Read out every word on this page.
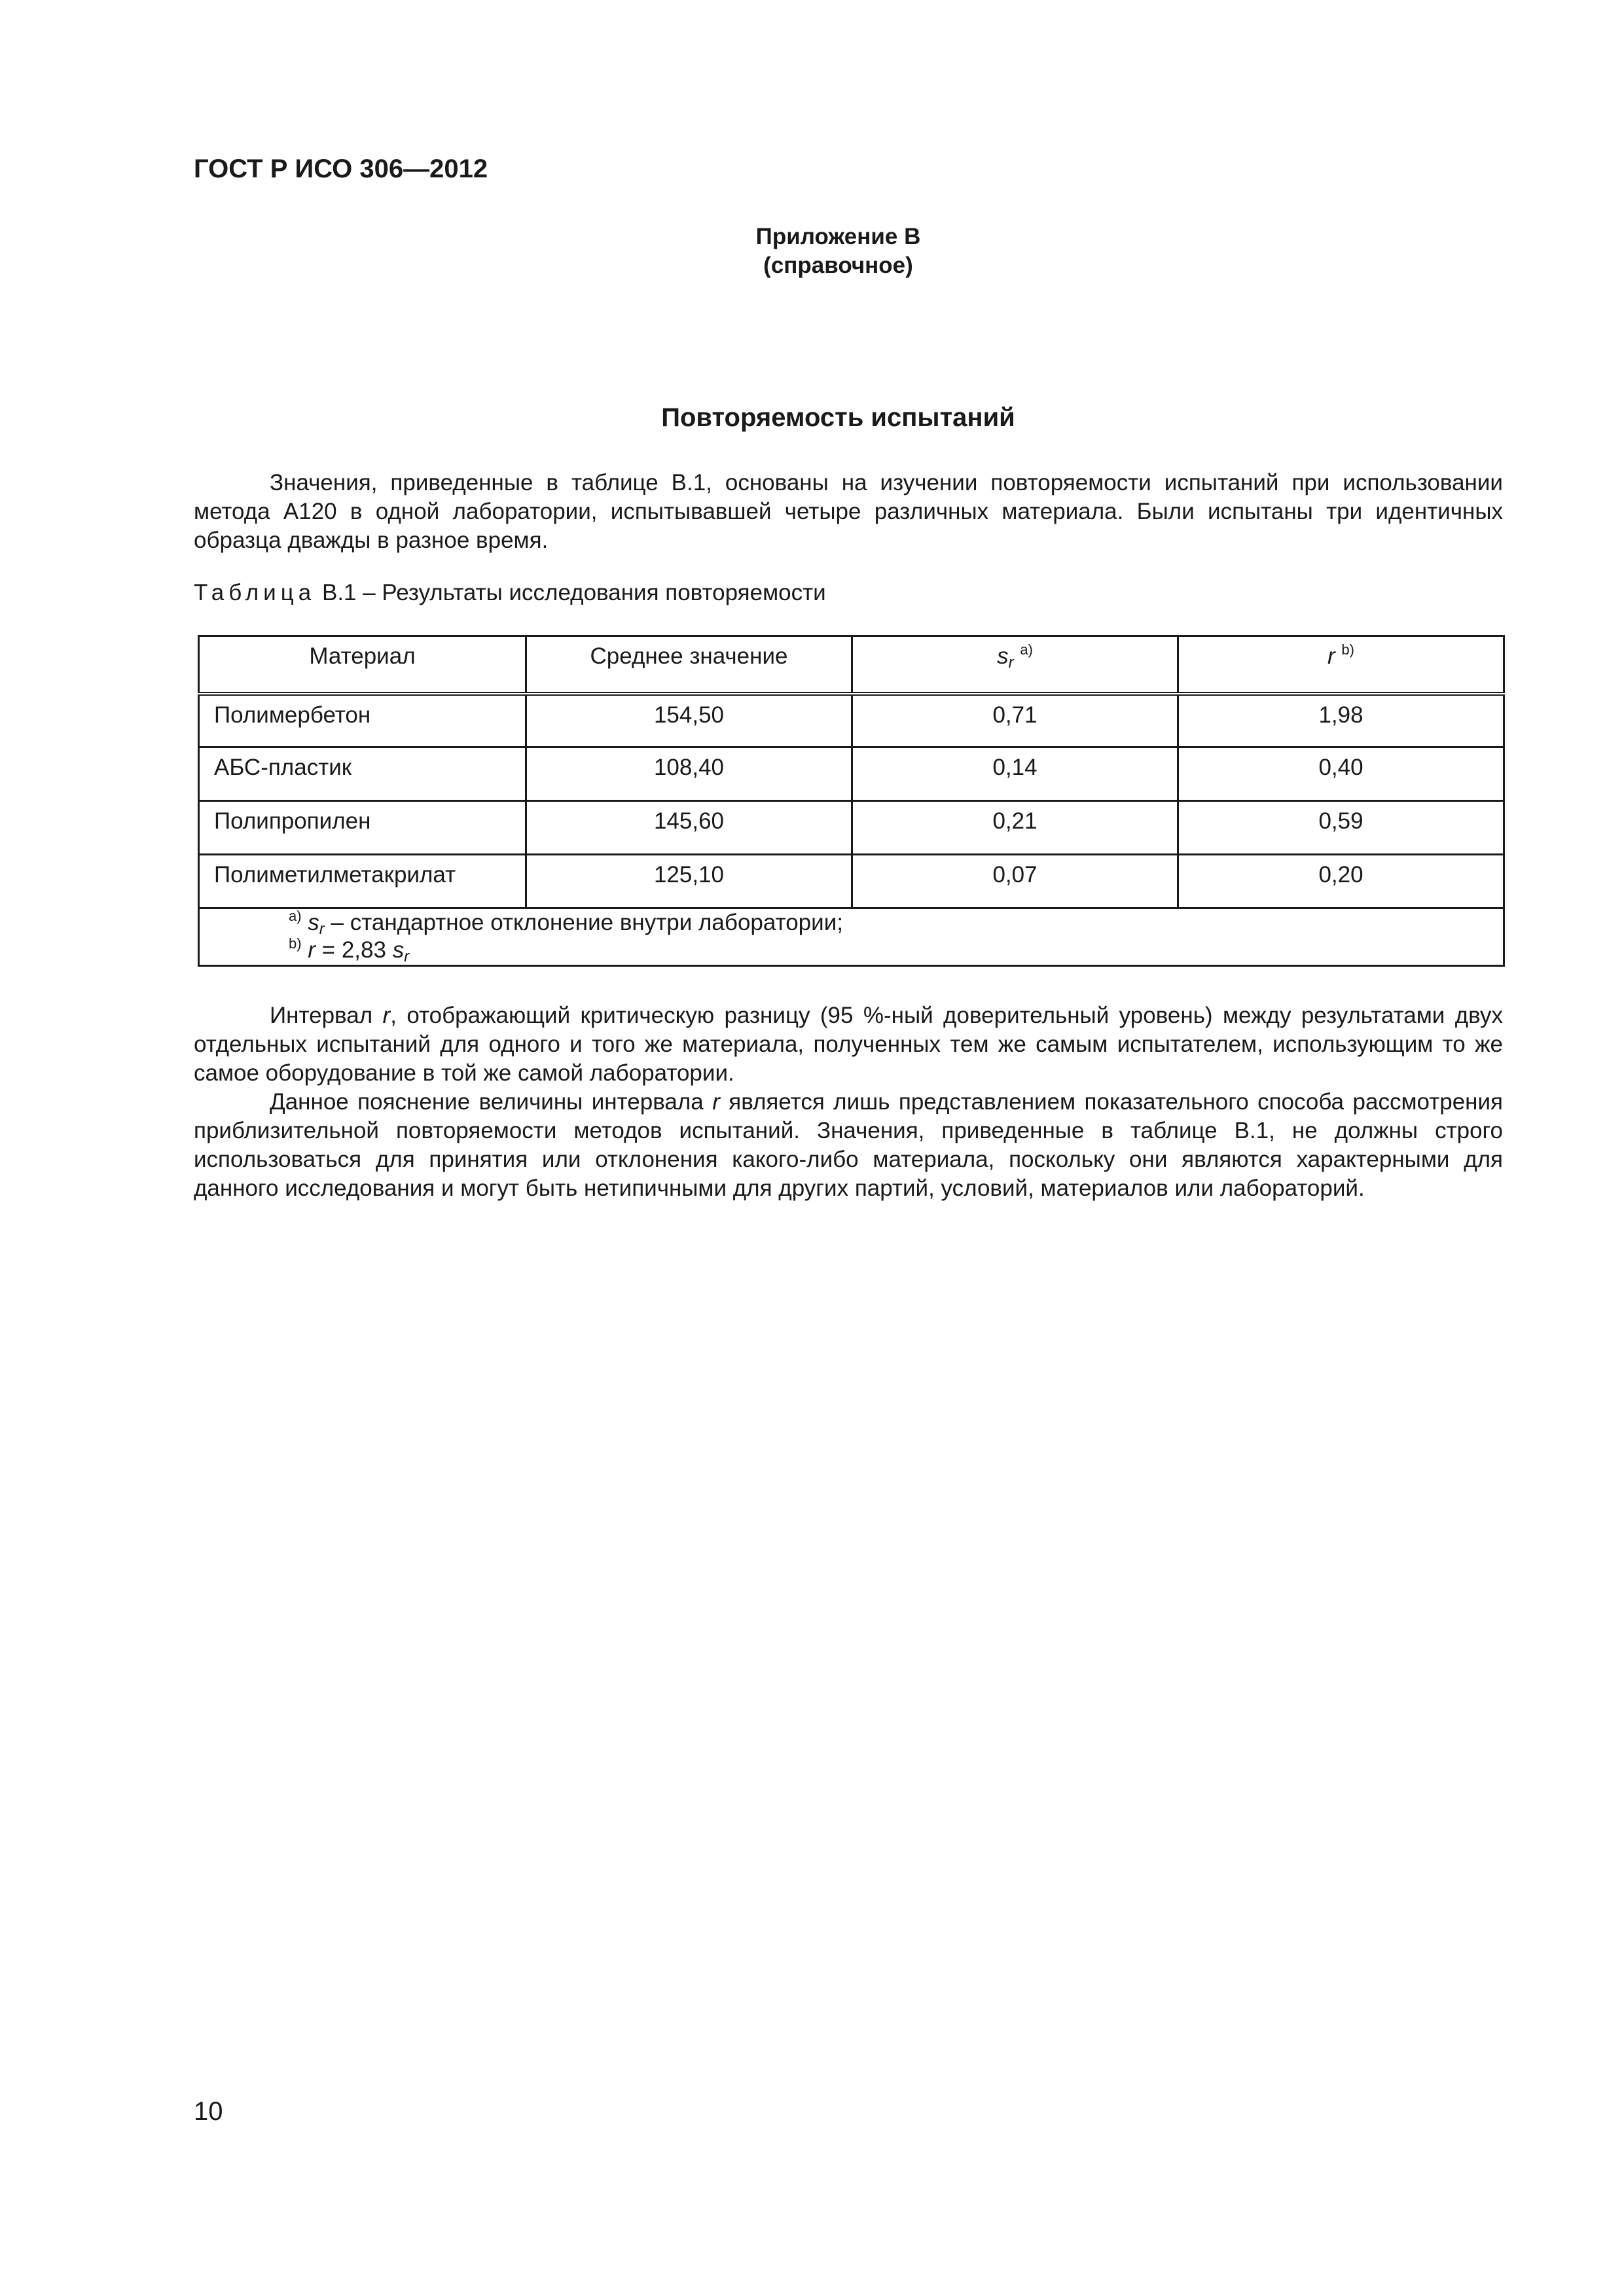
ГОСТ Р ИСО 306—2012
Приложение В
(справочное)
Повторяемость испытаний
Значения, приведенные в таблице В.1, основаны на изучении повторяемости испытаний при использовании метода А120 в одной лаборатории, испытывавшей четыре различных материала. Были испытаны три идентичных образца дважды в разное время.
Таблица В.1 – Результаты исследования повторяемости
Материал	Среднее значение	$s_r$ $^{a)}$	r $^{b)}$
Полимербетон	154,50	0,71	1,98
АБС-пластик	108,40	0,14	0,40
Полипропилен	145,60	0,21	0,59
Полиметилметакрилат	125,10	0,07	0,20

$^{a)}$ $s_r$ – стандартное отклонение внутри лаборатории;
$^{b)}$ r = 2,83 $s_r$
Интервал r, отображающий критическую разницу (95 %-ный доверительный уровень) между результатами двух отдельных испытаний для одного и того же материала, полученных тем же самым испытателем, использующим то же самое оборудование в той же самой лаборатории.
Данное пояснение величины интервала r является лишь представлением показательного способа рассмотрения приблизительной повторяемости методов испытаний. Значения, приведенные в таблице В.1, не должны строго использоваться для принятия или отклонения какого-либо материала, поскольку они являются характерными для данного исследования и могут быть нетипичными для других партий, условий, материалов или лабораторий.
10
